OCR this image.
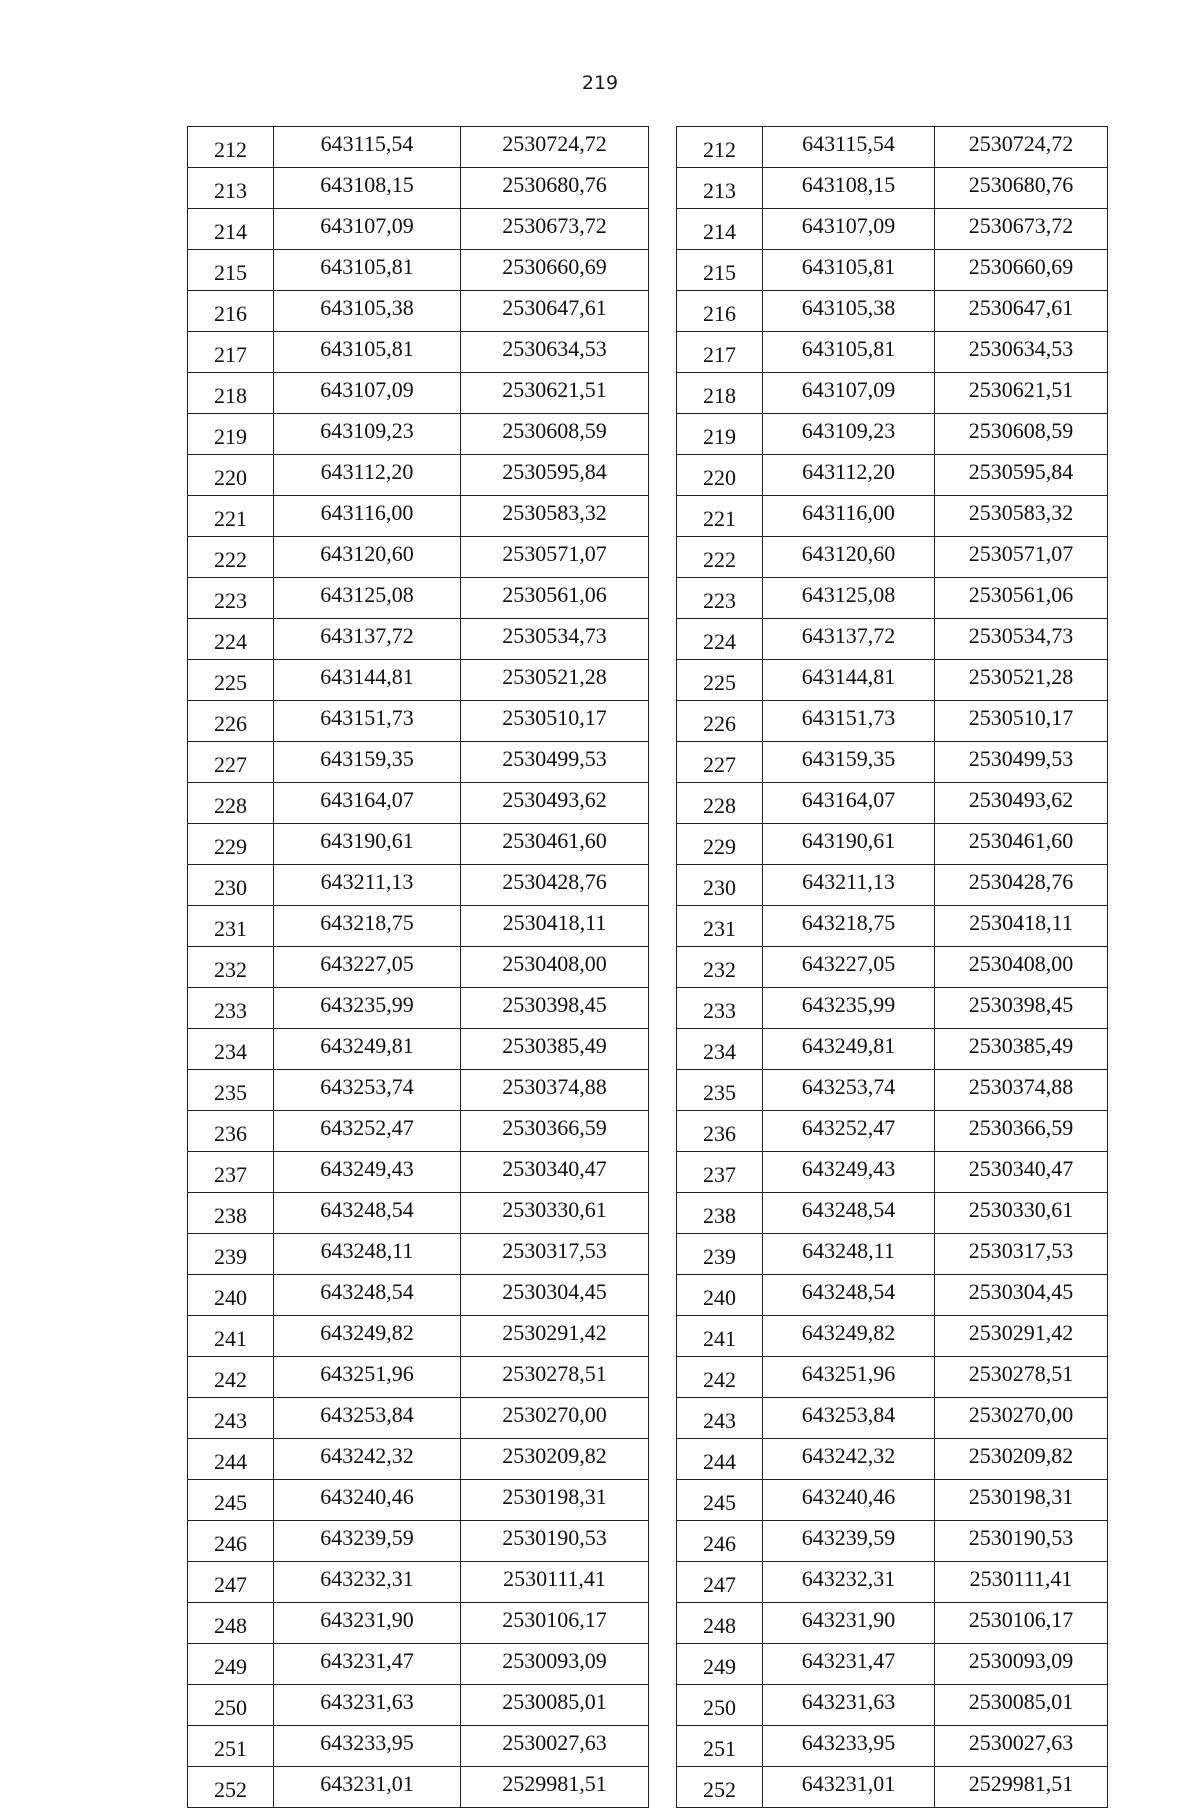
219
212	643115,54	2530724,72
213	643108,15	2530680,76
214	643107,09	2530673,72
215	643105,81	2530660,69
216	643105,38	2530647,61
217	643105,81	2530634,53
218	643107,09	2530621,51
219	643109,23	2530608,59
220	643112,20	2530595,84
221	643116,00	2530583,32
222	643120,60	2530571,07
223	643125,08	2530561,06
224	643137,72	2530534,73
225	643144,81	2530521,28
226	643151,73	2530510,17
227	643159,35	2530499,53
228	643164,07	2530493,62
229	643190,61	2530461,60
230	643211,13	2530428,76
231	643218,75	2530418,11
232	643227,05	2530408,00
233	643235,99	2530398,45
234	643249,81	2530385,49
235	643253,74	2530374,88
236	643252,47	2530366,59
237	643249,43	2530340,47
238	643248,54	2530330,61
239	643248,11	2530317,53
240	643248,54	2530304,45
241	643249,82	2530291,42
242	643251,96	2530278,51
243	643253,84	2530270,00
244	643242,32	2530209,82
245	643240,46	2530198,31
246	643239,59	2530190,53
247	643232,31	2530111,41
248	643231,90	2530106,17
249	643231,47	2530093,09
250	643231,63	2530085,01
251	643233,95	2530027,63
252	643231,01	2529981,51
212	643115,54	2530724,72
213	643108,15	2530680,76
214	643107,09	2530673,72
215	643105,81	2530660,69
216	643105,38	2530647,61
217	643105,81	2530634,53
218	643107,09	2530621,51
219	643109,23	2530608,59
220	643112,20	2530595,84
221	643116,00	2530583,32
222	643120,60	2530571,07
223	643125,08	2530561,06
224	643137,72	2530534,73
225	643144,81	2530521,28
226	643151,73	2530510,17
227	643159,35	2530499,53
228	643164,07	2530493,62
229	643190,61	2530461,60
230	643211,13	2530428,76
231	643218,75	2530418,11
232	643227,05	2530408,00
233	643235,99	2530398,45
234	643249,81	2530385,49
235	643253,74	2530374,88
236	643252,47	2530366,59
237	643249,43	2530340,47
238	643248,54	2530330,61
239	643248,11	2530317,53
240	643248,54	2530304,45
241	643249,82	2530291,42
242	643251,96	2530278,51
243	643253,84	2530270,00
244	643242,32	2530209,82
245	643240,46	2530198,31
246	643239,59	2530190,53
247	643232,31	2530111,41
248	643231,90	2530106,17
249	643231,47	2530093,09
250	643231,63	2530085,01
251	643233,95	2530027,63
252	643231,01	2529981,51
